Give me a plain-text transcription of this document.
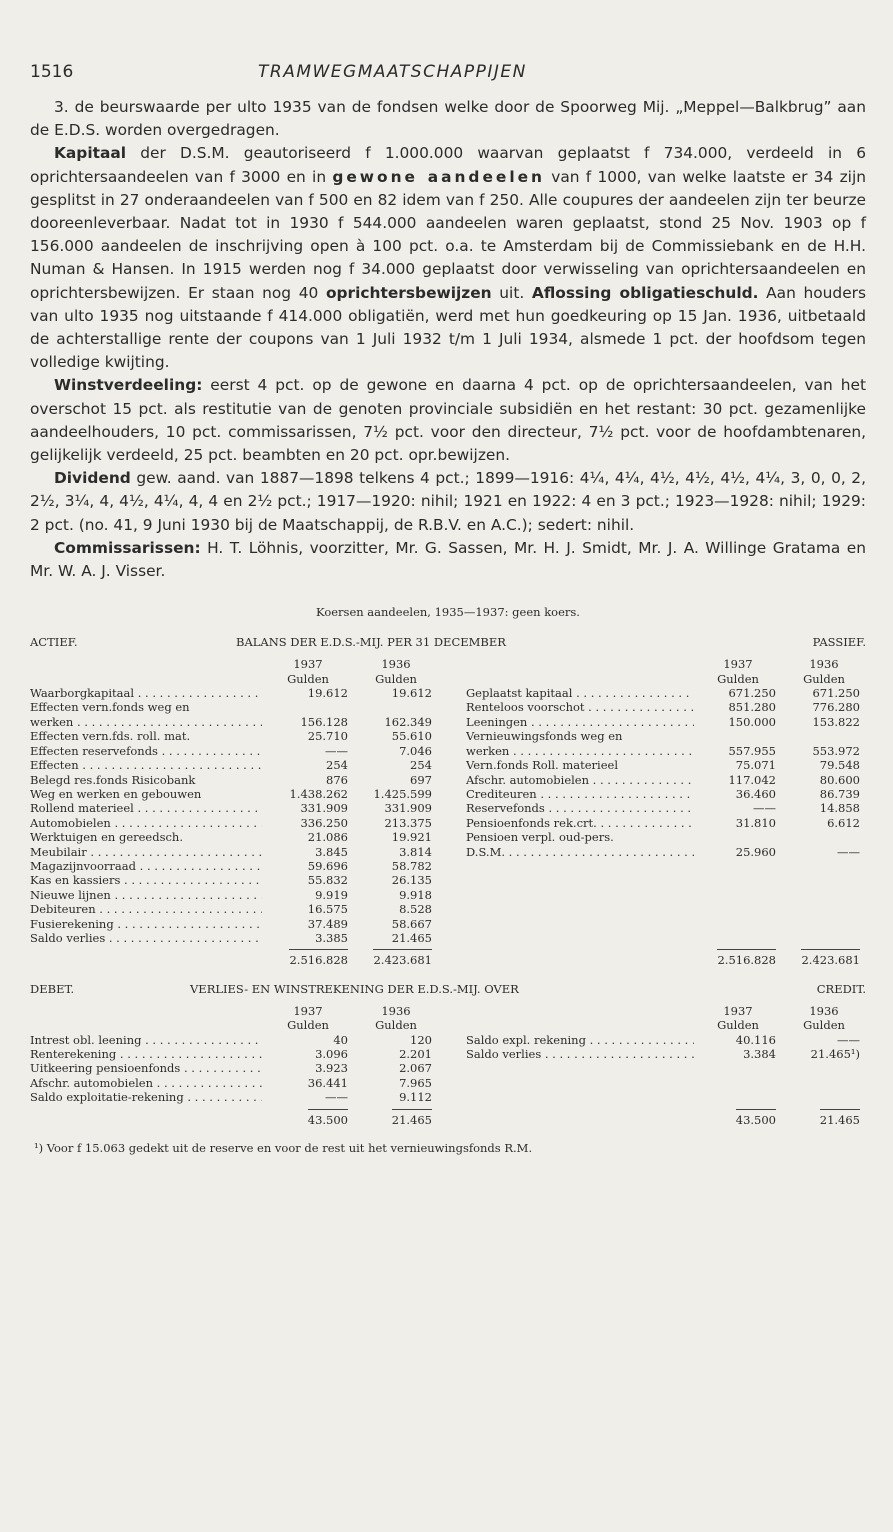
1516	TRAMWEGMAATSCHAPPIJEN

3. de beurswaarde per ulto 1935 van de fondsen welke door de Spoorweg Mij. „Meppel—Balkbrug” aan de E.D.S. worden overgedragen.

Kapitaal der D.S.M. geautoriseerd f 1.000.000 waarvan geplaatst f 734.000, verdeeld in 6 oprichtersaandeelen van f 3000 en in gewone aandeelen van f 1000, van welke laatste er 34 zijn gesplitst in 27 onderaandeelen van f 500 en 82 idem van f 250. Alle coupures der aandeelen zijn ter beurze dooreenleverbaar. Nadat tot in 1930 f 544.000 aandeelen waren geplaatst, stond 25 Nov. 1903 op f 156.000 aandeelen de inschrijving open à 100 pct. o.a. te Amsterdam bij de Commissiebank en de H.H. Numan & Hansen. In 1915 werden nog f 34.000 geplaatst door verwisseling van oprichtersaandeelen en oprichtersbewijzen. Er staan nog 40 oprichtersbewijzen uit. Aflossing obligatieschuld. Aan houders van ulto 1935 nog uitstaande f 414.000 obligatiën, werd met hun goedkeuring op 15 Jan. 1936, uitbetaald de achterstallige rente der coupons van 1 Juli 1932 t/m 1 Juli 1934, alsmede 1 pct. der hoofdsom tegen volledige kwijting.

Winstverdeeling: eerst 4 pct. op de gewone en daarna 4 pct. op de oprichtersaandeelen, van het overschot 15 pct. als restitutie van de genoten provinciale subsidiën en het restant: 30 pct. gezamenlijke aandeelhouders, 10 pct. commissarissen, 7½ pct. voor den directeur, 7½ pct. voor de hoofdambtenaren, gelijkelijk verdeeld, 25 pct. beambten en 20 pct. opr.bewijzen.

Dividend gew. aand. van 1887—1898 telkens 4 pct.; 1899—1916: 4¼, 4¼, 4½, 4½, 4½, 4¼, 3, 0, 0, 2, 2½, 3¼, 4, 4½, 4¼, 4, 4 en 2½ pct.; 1917—1920: nihil; 1921 en 1922: 4 en 3 pct.; 1923—1928: nihil; 1929: 2 pct. (no. 41, 9 Juni 1930 bij de Maatschappij, de R.B.V. en A.C.); sedert: nihil.

Commissarissen: H. T. Löhnis, voorzitter, Mr. G. Sassen, Mr. H. J. Smidt, Mr. J. A. Willinge Gratama en Mr. W. A. J. Visser.

Koersen aandeelen, 1935—1937: geen koers.
ACTIEF.	BALANS DER E.D.S.-MIJ. PER 31 DECEMBER	PASSIEF.
	1937	1936			1937	1936
	Gulden	Gulden			Gulden	Gulden
Waarborgkapitaal . . .	19.612	19.612		Geplaatst kapitaal . . .	671.250	671.250
Effecten vern.fonds weg en				Renteloos voorschot . . .	851.280	776.280
werken . . .	156.128	162.349		Leeningen . . .	150.000	153.822
Effecten vern.fds. roll. mat.	25.710	55.610		Vernieuwingsfonds weg en		
Effecten reservefonds . . .	——	7.046		werken . . .	557.955	553.972
Effecten . . .	254	254		Vern.fonds Roll. materieel	75.071	79.548
Belegd res.fonds Risicobank	876	697		Afschr. automobielen . . .	117.042	80.600
Weg en werken en gebouwen	1.438.262	1.425.599		Crediteuren . . .	36.460	86.739
Rollend materieel . . .	331.909	331.909		Reservefonds . . .	——	14.858
Automobielen . . .	336.250	213.375		Pensioenfonds rek.crt. . . .	31.810	6.612
Werktuigen en gereedsch.	21.086	19.921		Pensioen verpl. oud-pers.		
Meubilair . . .	3.845	3.814		D.S.M. . . .	25.960	——
Magazijnvoorraad . . .	59.696	58.782				
Kas en kassiers . . .	55.832	26.135				
Nieuwe lijnen . . .	9.919	9.918				
Debiteuren . . .	16.575	8.528				
Fusierekening . . .	37.489	58.667				
Saldo verlies . . .	3.385	21.465				
	2.516.828	2.423.681			2.516.828	2.423.681
DEBET.	VERLIES- EN WINSTREKENING DER E.D.S.-MIJ. OVER	CREDIT.
	1937	1936			1937	1936
	Gulden	Gulden			Gulden	Gulden
Intrest obl. leening . . .	40	120		Saldo expl. rekening . . .	40.116	——
Renterekening . . .	3.096	2.201		Saldo verlies . . .	3.384	21.465¹)
Uitkeering pensioenfonds . . .	3.923	2.067				
Afschr. automobielen . . .	36.441	7.965				
Saldo exploitatie-rekening . . .	——	9.112				
	43.500	21.465			43.500	21.465
¹) Voor f 15.063 gedekt uit de reserve en voor de rest uit het vernieuwingsfonds R.M.
